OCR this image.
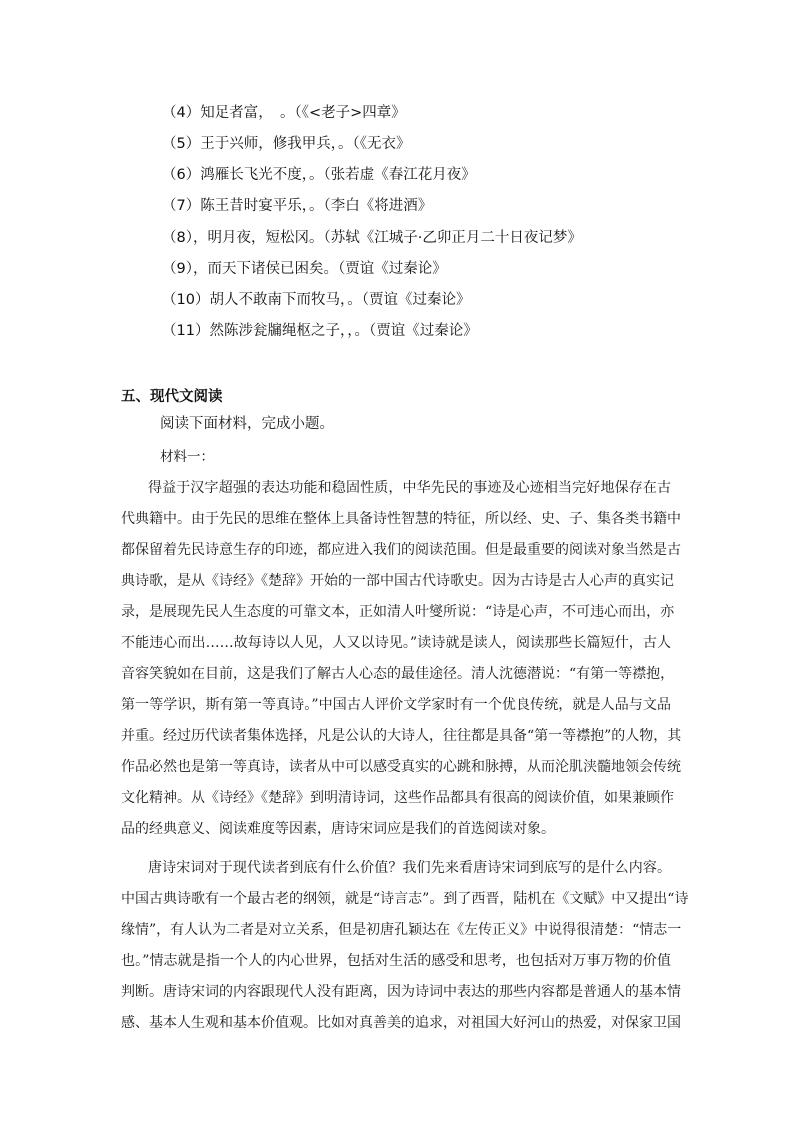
（4）知足者富，　。（《<老子>四章》
（5）王于兴师，修我甲兵，。（《无衣》
（6）鸿雁长飞光不度，。（张若虚《春江花月夜》
（7）陈王昔时宴平乐，。（李白《将进酒》
（8），明月夜，短松冈。（苏轼《江城子·乙卯正月二十日夜记梦》
（9），而天下诸侯已困矣。（贾谊《过秦论》
（10）胡人不敢南下而牧马，。（贾谊《过秦论》
（11）然陈涉瓮牖绳枢之子，，。（贾谊《过秦论》
五、现代文阅读
阅读下面材料，完成小题。
材料一：
得益于汉字超强的表达功能和稳固性质，中华先民的事迹及心迹相当完好地保存在古
代典籍中。由于先民的思维在整体上具备诗性智慧的特征，所以经、史、子、集各类书籍中
都保留着先民诗意生存的印迹，都应进入我们的阅读范围。但是最重要的阅读对象当然是古
典诗歌，是从《诗经》《楚辞》开始的一部中国古代诗歌史。因为古诗是古人心声的真实记
录，是展现先民人生态度的可靠文本，正如清人叶燮所说：“诗是心声，不可违心而出，亦
不能违心而出……故每诗以人见，人又以诗见。”读诗就是读人，阅读那些长篇短什，古人
音容笑貌如在目前，这是我们了解古人心态的最佳途径。清人沈德潜说：“有第一等襟抱，
第一等学识，斯有第一等真诗。”中国古人评价文学家时有一个优良传统，就是人品与文品
并重。经过历代读者集体选择，凡是公认的大诗人，往往都是具备“第一等襟抱”的人物，其
作品必然也是第一等真诗，读者从中可以感受真实的心跳和脉搏，从而沦肌浃髓地领会传统
文化精神。从《诗经》《楚辞》到明清诗词，这些作品都具有很高的阅读价值，如果兼顾作
品的经典意义、阅读难度等因素，唐诗宋词应是我们的首选阅读对象。
唐诗宋词对于现代读者到底有什么价值？我们先来看唐诗宋词到底写的是什么内容。
中国古典诗歌有一个最古老的纲领，就是“诗言志”。到了西晋，陆机在《文赋》中又提出“诗
缘情”，有人认为二者是对立关系，但是初唐孔颖达在《左传正义》中说得很清楚：“情志一
也。”情志就是指一个人的内心世界，包括对生活的感受和思考，也包括对万事万物的价值
判断。唐诗宋词的内容跟现代人没有距离，因为诗词中表达的那些内容都是普通人的基本情
感、基本人生观和基本价值观。比如对真善美的追求，对祖国大好河山的热爱，对保家卫国
